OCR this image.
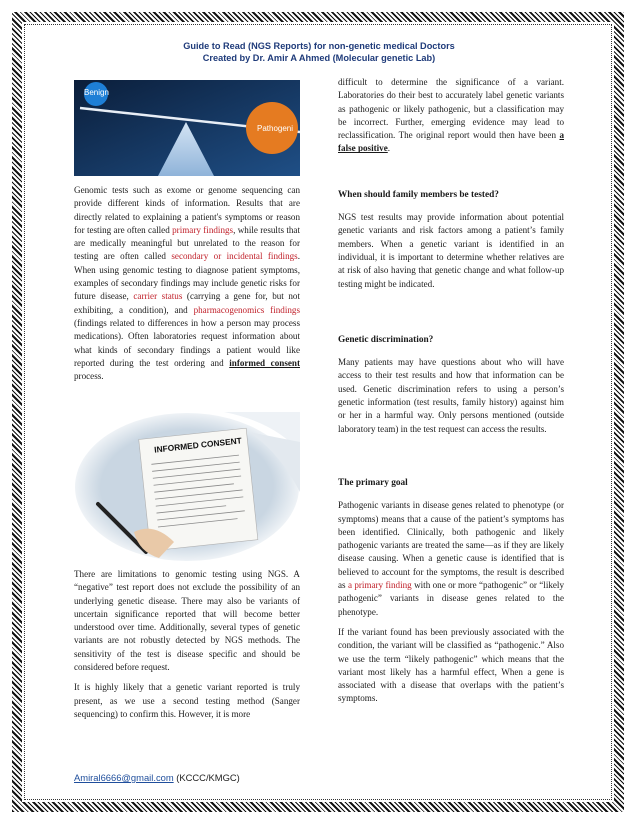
Guide to Read (NGS Reports) for non-genetic medical Doctors
Created by Dr. Amir A Ahmed (Molecular genetic Lab)
Benign
Pathogeni

Genomic tests such as exome or genome sequencing can provide different kinds of information. Results that are directly related to explaining a patient's symptoms or reason for testing are often called primary findings, while results that are medically meaningful but unrelated to the reason for testing are often called secondary or incidental findings. When using genomic testing to diagnose patient symptoms, examples of secondary findings may include genetic risks for future disease, carrier status (carrying a gene for, but not exhibiting, a condition), and pharmacogenomics findings (findings related to differences in how a person may process medications). Often laboratories request information about what kinds of secondary findings a patient would like reported during the test ordering and informed consent process.

INFORMED CONSENT

There are limitations to genomic testing using NGS. A “negative” test report does not exclude the possibility of an underlying genetic disease. There may also be variants of uncertain significance reported that will become better understood over time. Additionally, several types of genetic variants are not robustly detected by NGS methods. The sensitivity of the test is disease specific and should be considered before request.

It is highly likely that a genetic variant reported is truly present, as we use a second testing method (Sanger sequencing) to confirm this. However, it is more

difficult to determine the significance of a variant. Laboratories do their best to accurately label genetic variants as pathogenic or likely pathogenic, but a classification may be incorrect. Further, emerging evidence may lead to reclassification. The original report would then have been a false positive.

When should family members be tested?

NGS test results may provide information about potential genetic variants and risk factors among a patient’s family members. When a genetic variant is identified in an individual, it is important to determine whether relatives are at risk of also having that genetic change and what follow-up testing might be indicated.

Genetic discrimination?

Many patients may have questions about who will have access to their test results and how that information can be used. Genetic discrimination refers to using a person’s genetic information (test results, family history) against him or her in a harmful way. Only persons mentioned (outside laboratory team) in the test request can access the results.

The primary goal

Pathogenic variants in disease genes related to phenotype (or symptoms) means that a cause of the patient’s symptoms has been identified. Clinically, both pathogenic and likely pathogenic variants are treated the same—as if they are likely disease causing. When a genetic cause is identified that is believed to account for the symptoms, the result is described as a primary finding with one or more “pathogenic” or “likely pathogenic” variants in disease genes related to the phenotype.

If the variant found has been previously associated with the condition, the variant will be classified as “pathogenic.” Also we use the term “likely pathogenic” which means that the variant most likely has a harmful effect, When a gene is associated with a disease that overlaps with the patient’s symptoms.

Amiral6666@gmail.com (KCCC/KMGC)
